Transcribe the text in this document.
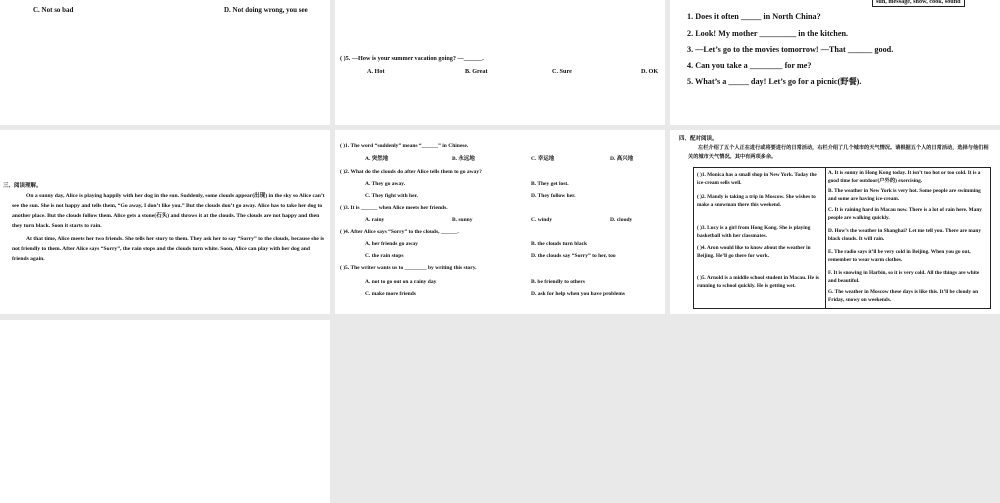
C. Not so bad	D. Not doing wrong, you see
( )5. —How is your summer vacation going? —______.
A. Hot	B. Great	C. Sure	D. OK
sun, message, snow, cook, sound
1. Does it often _____ in North China?
2. Look! My mother _________ in the kitchen.
3. —Let’s go to the movies tomorrow! —That ______ good.
4. Can you take a ________ for me?
5. What’s a _____ day! Let’s go for a picnic(野餐).
三、阅读理解。
On a sunny day, Alice is playing happily with her dog in the sun. Suddenly, some clouds appear(出现) in the sky so Alice can’t see the sun. She is not happy and tells them, “Go away, I don’t like you.” But the clouds don’t go away. Alice has to take her dog to another place. But the clouds follow them. Alice gets a stone(石头) and throws it at the clouds. The clouds are not happy and then they turn black. Soon it starts to rain.
At that time, Alice meets her two friends. She tells her story to them. They ask her to say “Sorry” to the clouds, because she is not friendly to them. After Alice says “Sorry”, the rain stops and the clouds turn white. Soon, Alice can play with her dog and friends again.
( )1. The word “suddenly” means “______” in Chinese.
A. 突然地	B. 永远地	C. 幸运地	D. 高兴地
( )2. What do the clouds do after Alice tells them to go away?
A. They go away.	B. They get lost.
C. They fight with her.	D. They follow her.
( )3. It is ______ when Alice meets her friends.
A. rainy	B. sunny	C. windy	D. cloudy
( )4. After Alice says “Sorry” to the clouds, ______.
A. her friends go away	B. the clouds turn black
C. the rain stops	D. the clouds say “Sorry” to her, too
( )5. The writer wants us to ________ by writing this story.
A. not to go out on a rainy day	B. be friendly to others
C. make more friends	D. ask for help when you have problems
四、配对阅读。
左栏介绍了五个人正在进行或将要进行的日常活动，右栏介绍了几个城市的天气情况。请根据五个人的日常活动，选择与他们相关的城市天气情况。其中有两项多余。
( )1. Monica has a small shop in New York. Today the ice-cream sells well.
( )2. Mandy is taking a trip in Moscow. She wishes to make a snowman there this weekend.
( )3. Lucy is a girl from Hong Kong. She is playing basketball with her classmates.
( )4. Aron would like to know about the weather in Beijing. He’ll go there for work.
( )5. Arnold is a middle school student in Macau. He is running to school quickly. He is getting wet.
A. It is sunny in Hong Kong today. It isn’t too hot or too cold. It is a good time for outdoor(户外的) exercising.
B. The weather in New York is very hot. Some people are swimming and some are having ice-cream.
C. It is raining hard in Macau now. There is a lot of rain here. Many people are walking quickly.
D. How’s the weather in Shanghai? Let me tell you. There are many black clouds. It will rain.
E. The radio says it’ll be very cold in Beijing. When you go out, remember to wear warm clothes.
F. It is snowing in Harbin, so it is very cold. All the things are white and beautiful.
G. The weather in Moscow these days is like this. It’ll be cloudy on Friday, snowy on weekends.
